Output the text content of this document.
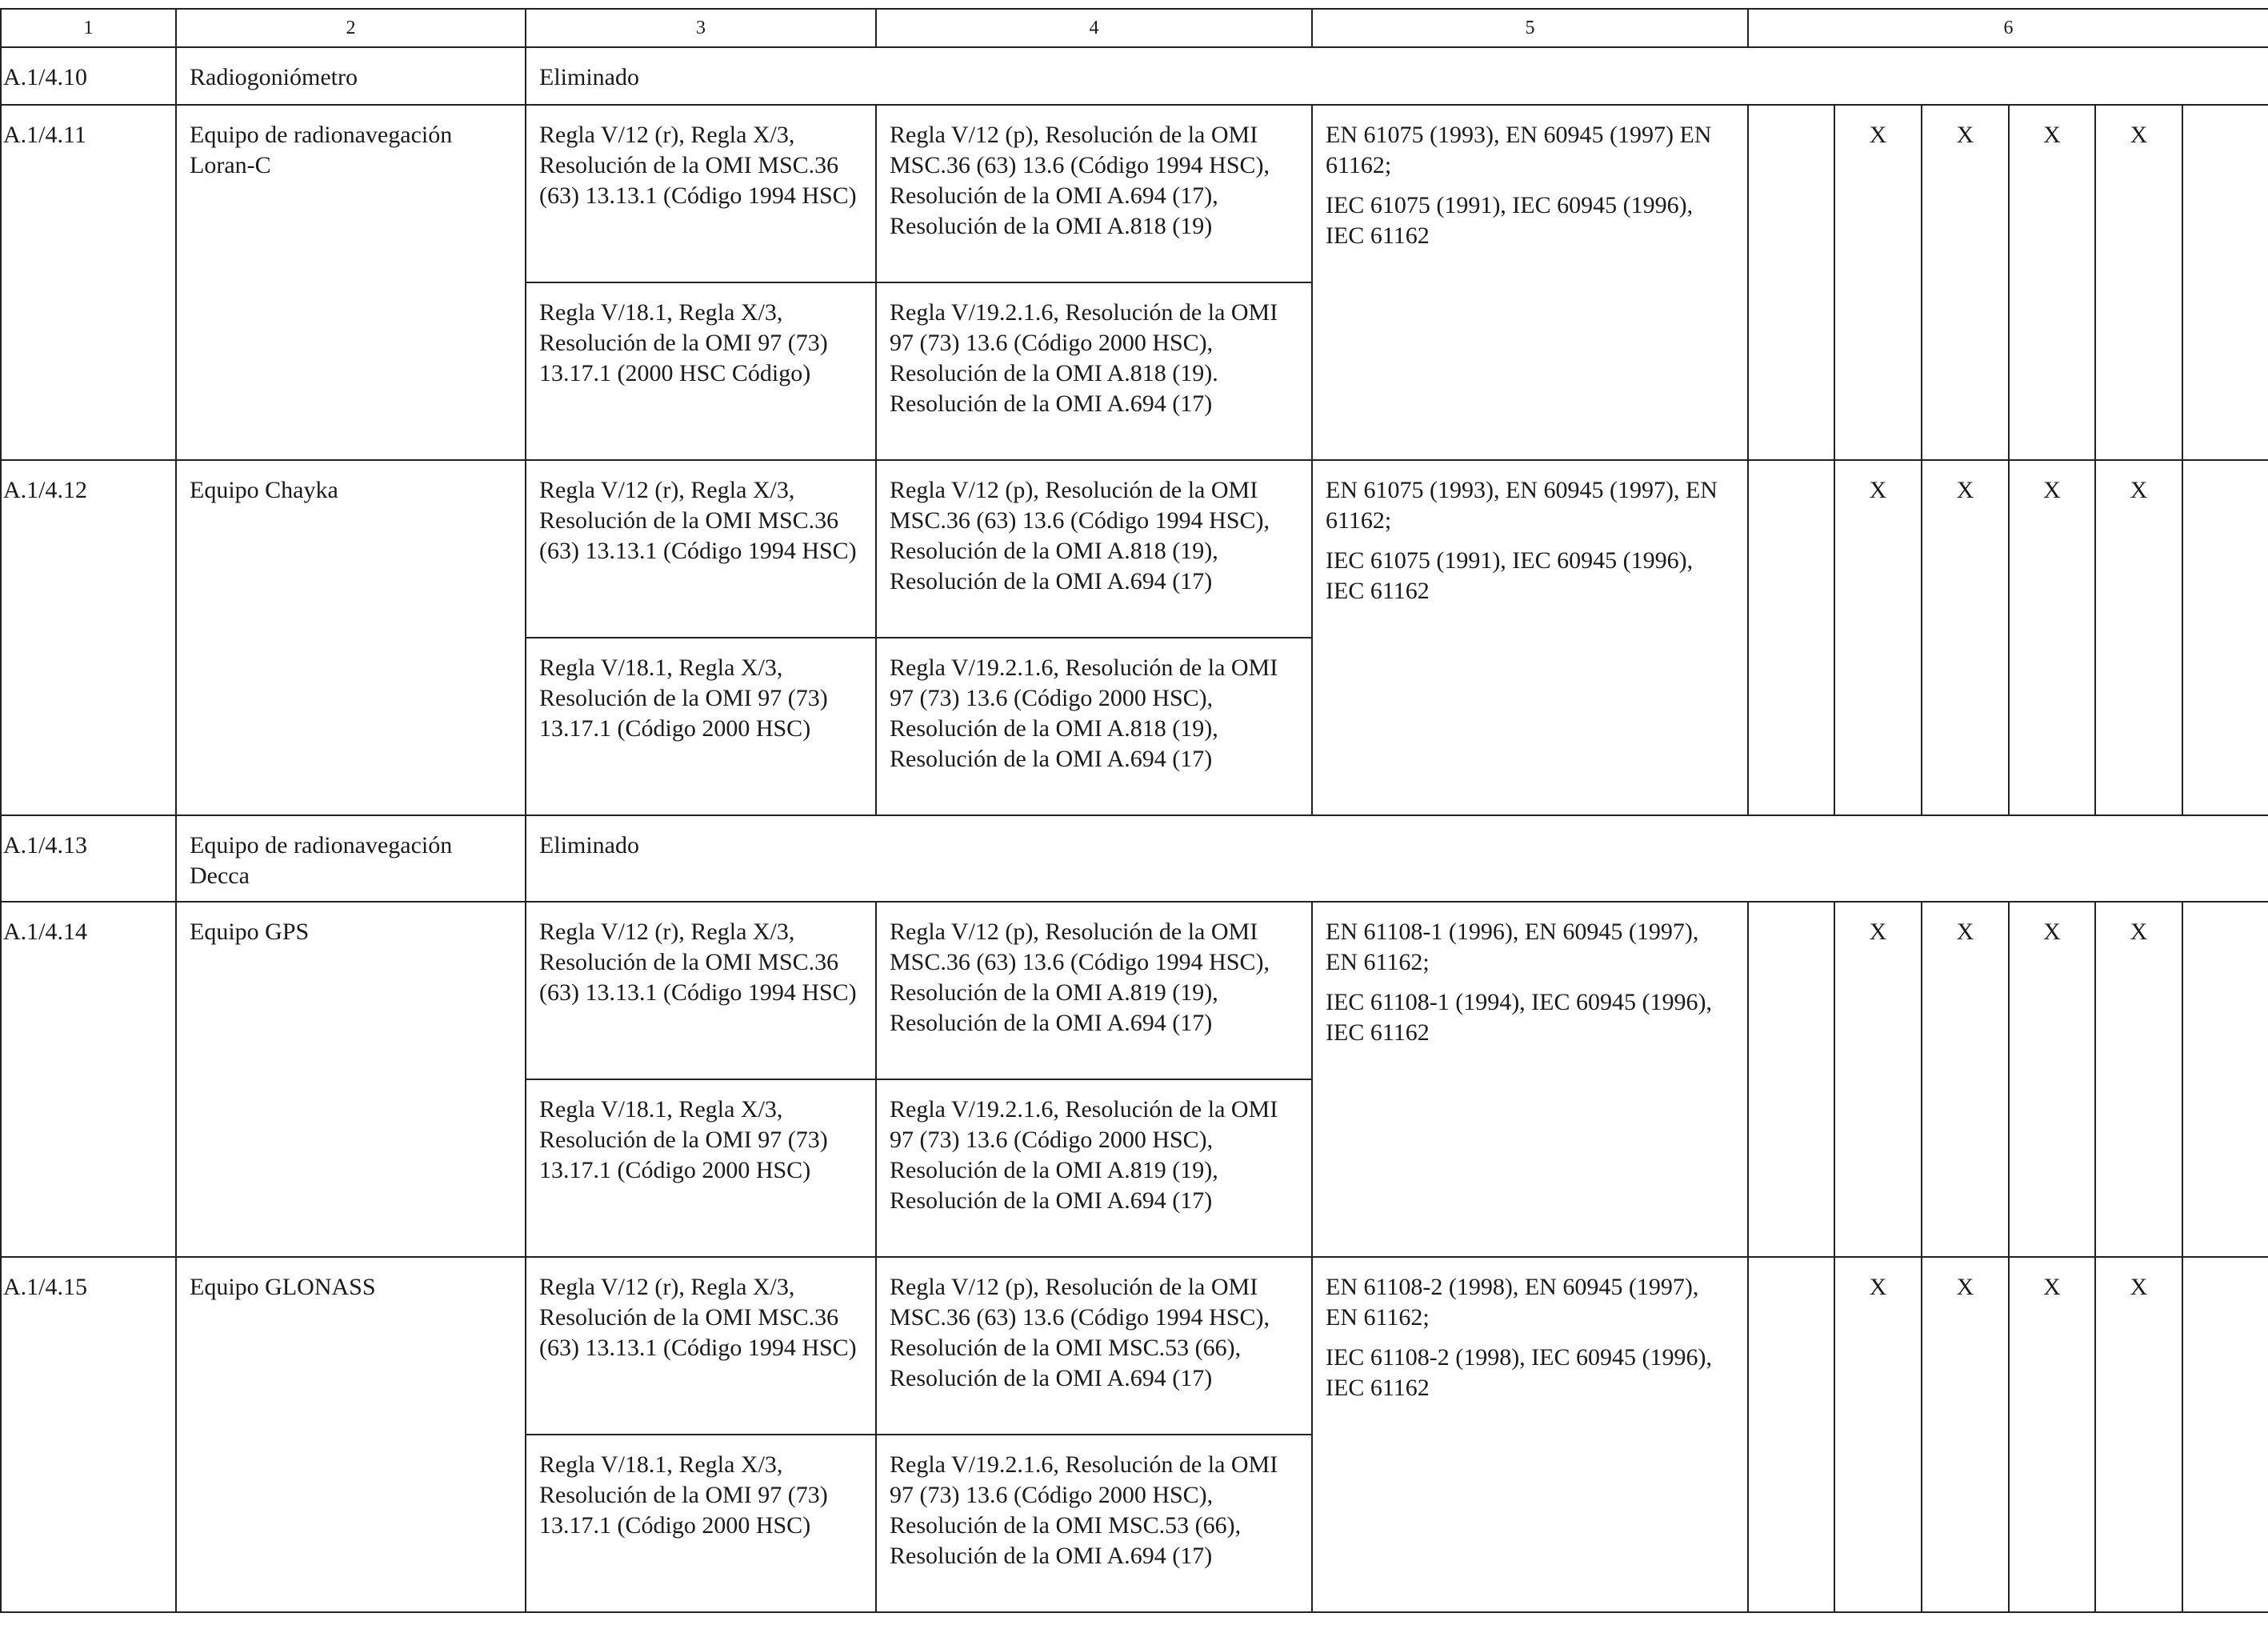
1	2	3	4	5	6					
A.1/4.10	Radiogoniómetro	Eliminado								
A.1/4.11	Equipo de radionavegación Loran-C	Regla V/12 (r), Regla X/3, Resolución de la OMI MSC.36 (63) 13.13.1 (Código 1994 HSC)	Regla V/12 (p), Resolución de la OMI MSC.36 (63) 13.6 (Código 1994 HSC), Resolución de la OMI A.694 (17), Resolución de la OMI A.818 (19)	EN 61075 (1993), EN 60945 (1997) EN 61162;
IEC 61075 (1991), IEC 60945 (1996), IEC 61162		X	X	X	X	
		Regla V/18.1, Regla X/3, Resolución de la OMI 97 (73) 13.17.1 (2000 HSC Código)	Regla V/19.2.1.6, Resolución de la OMI 97 (73) 13.6 (Código 2000 HSC), Resolución de la OMI A.818 (19). Resolución de la OMI A.694 (17)							
A.1/4.12	Equipo Chayka	Regla V/12 (r), Regla X/3, Resolución de la OMI MSC.36 (63) 13.13.1 (Código 1994 HSC)	Regla V/12 (p), Resolución de la OMI MSC.36 (63) 13.6 (Código 1994 HSC), Resolución de la OMI A.818 (19), Resolución de la OMI A.694 (17)	EN 61075 (1993), EN 60945 (1997), EN 61162;
IEC 61075 (1991), IEC 60945 (1996), IEC 61162		X	X	X	X	
		Regla V/18.1, Regla X/3, Resolución de la OMI 97 (73) 13.17.1 (Código 2000 HSC)	Regla V/19.2.1.6, Resolución de la OMI 97 (73) 13.6 (Código 2000 HSC), Resolución de la OMI A.818 (19), Resolución de la OMI A.694 (17)							
A.1/4.13	Equipo de radionavegación Decca	Eliminado								
A.1/4.14	Equipo GPS	Regla V/12 (r), Regla X/3, Resolución de la OMI MSC.36 (63) 13.13.1 (Código 1994 HSC)	Regla V/12 (p), Resolución de la OMI MSC.36 (63) 13.6 (Código 1994 HSC), Resolución de la OMI A.819 (19), Resolución de la OMI A.694 (17)	EN 61108-1 (1996), EN 60945 (1997), EN 61162;
IEC 61108-1 (1994), IEC 60945 (1996), IEC 61162		X	X	X	X	
		Regla V/18.1, Regla X/3, Resolución de la OMI 97 (73) 13.17.1 (Código 2000 HSC)	Regla V/19.2.1.6, Resolución de la OMI 97 (73) 13.6 (Código 2000 HSC), Resolución de la OMI A.819 (19), Resolución de la OMI A.694 (17)							
A.1/4.15	Equipo GLONASS	Regla V/12 (r), Regla X/3, Resolución de la OMI MSC.36 (63) 13.13.1 (Código 1994 HSC)	Regla V/12 (p), Resolución de la OMI MSC.36 (63) 13.6 (Código 1994 HSC), Resolución de la OMI MSC.53 (66), Resolución de la OMI A.694 (17)	EN 61108-2 (1998), EN 60945 (1997), EN 61162;
IEC 61108-2 (1998), IEC 60945 (1996), IEC 61162		X	X	X	X	
		Regla V/18.1, Regla X/3, Resolución de la OMI 97 (73) 13.17.1 (Código 2000 HSC)	Regla V/19.2.1.6, Resolución de la OMI 97 (73) 13.6 (Código 2000 HSC), Resolución de la OMI MSC.53 (66), Resolución de la OMI A.694 (17)							
